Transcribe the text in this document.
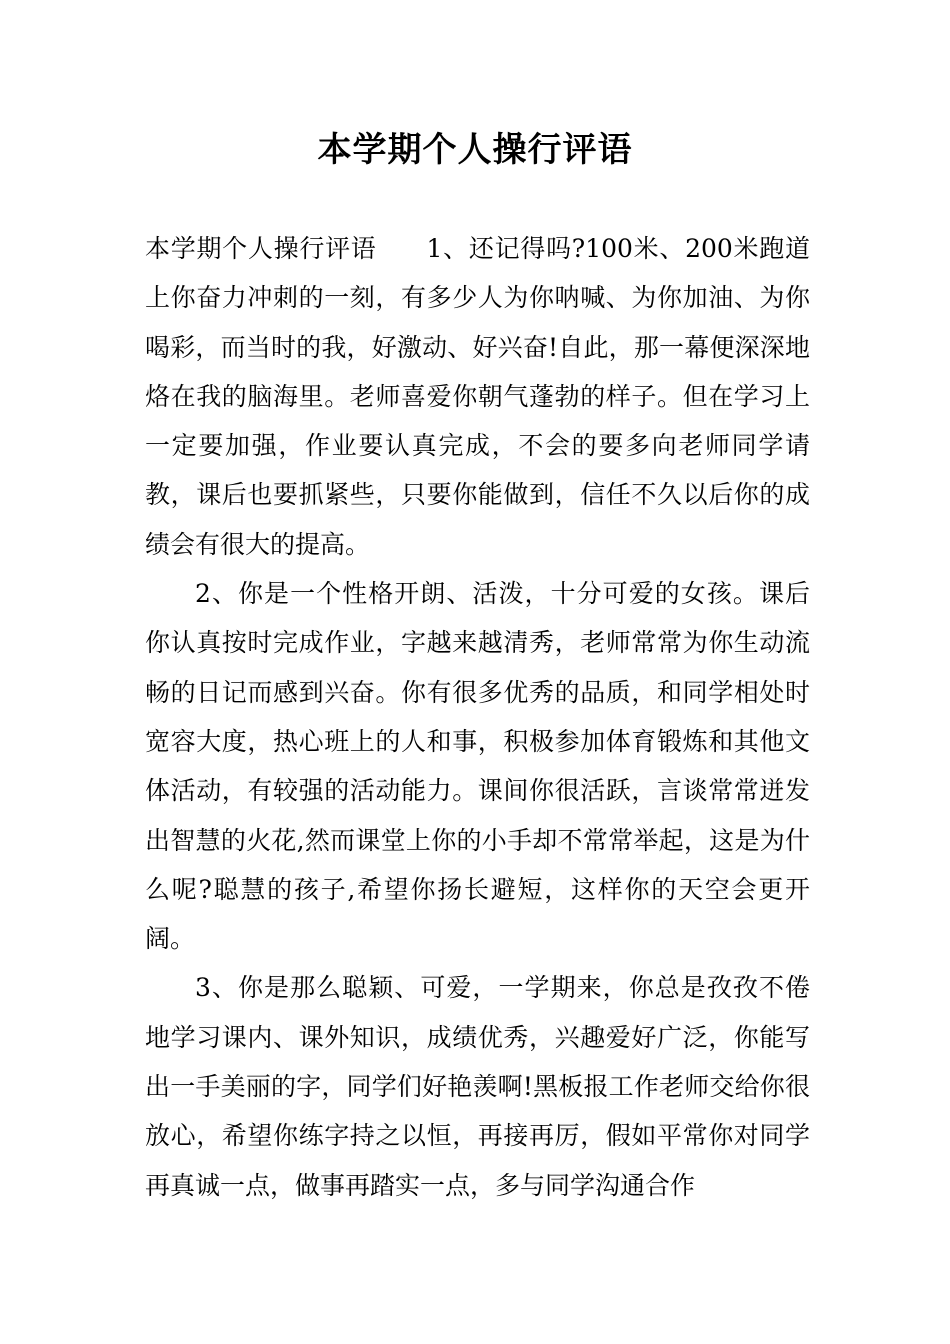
本学期个人操行评语

本学期个人操行评语 1、还记得吗?100米、200米跑道上你奋力冲刺的一刻，有多少人为你呐喊、为你加油、为你喝彩，而当时的我，好激动、好兴奋!自此，那一幕便深深地烙在我的脑海里。老师喜爱你朝气蓬勃的样子。但在学习上一定要加强，作业要认真完成，不会的要多向老师同学请教，课后也要抓紧些，只要你能做到，信任不久以后你的成绩会有很大的提高。

2、你是一个性格开朗、活泼，十分可爱的女孩。课后你认真按时完成作业，字越来越清秀，老师常常为你生动流畅的日记而感到兴奋。你有很多优秀的品质，和同学相处时宽容大度，热心班上的人和事，积极参加体育锻炼和其他文体活动，有较强的活动能力。课间你很活跃，言谈常常迸发出智慧的火花,然而课堂上你的小手却不常常举起，这是为什么呢?聪慧的孩子,希望你扬长避短，这样你的天空会更开阔。

3、你是那么聪颖、可爱，一学期来，你总是孜孜不倦地学习课内、课外知识，成绩优秀，兴趣爱好广泛，你能写出一手美丽的字，同学们好艳羡啊!黑板报工作老师交给你很放心，希望你练字持之以恒，再接再厉，假如平常你对同学再真诚一点，做事再踏实一点，多与同学沟通合作
